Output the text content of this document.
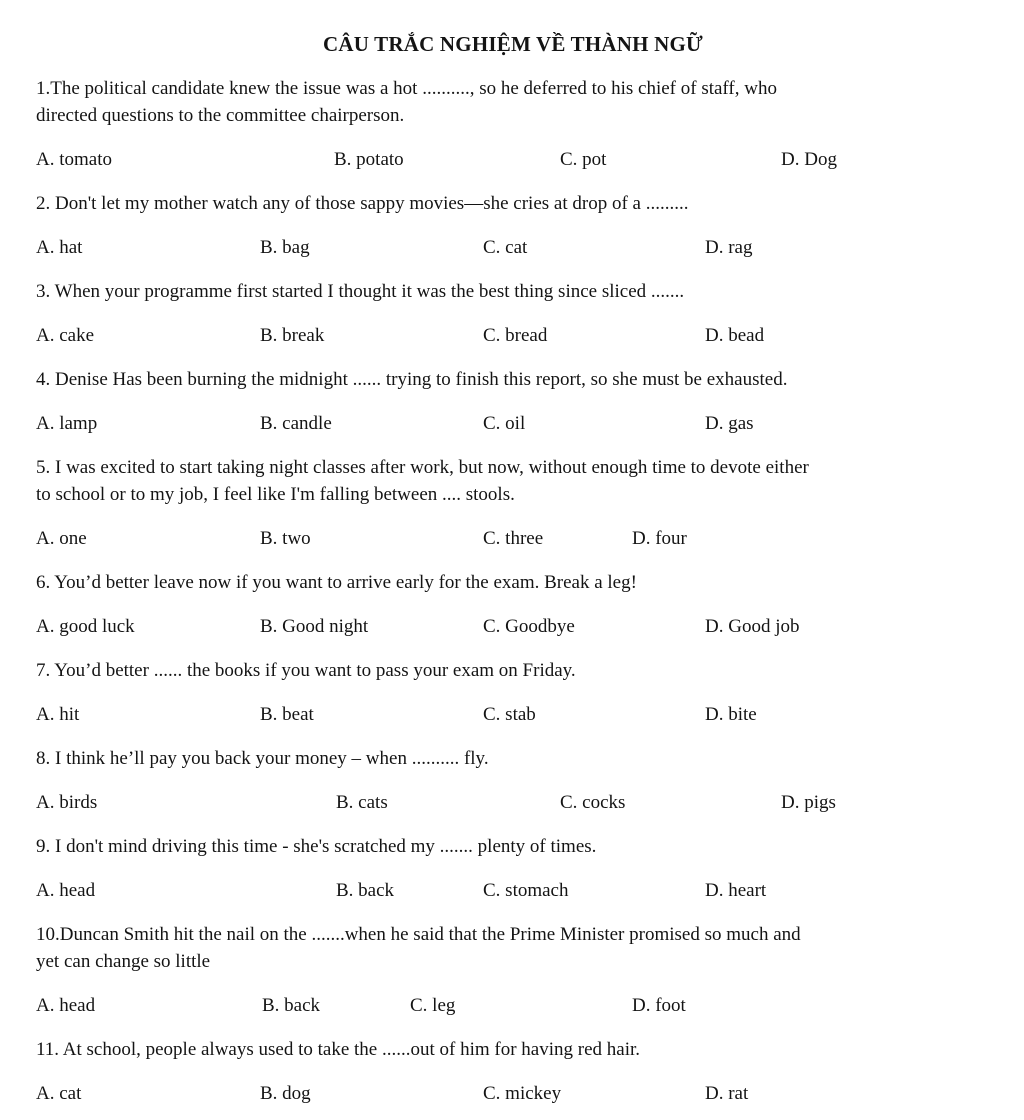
CÂU TRẮC NGHIỆM VỀ THÀNH NGỮ
1.The political candidate knew the issue was a hot .........., so he deferred to his chief of staff, who
directed questions to the committee chairperson.
A. tomato	B. potato	C. pot	D. Dog
2. Don't let my mother watch any of those sappy movies—she cries at drop of a .........
A. hat	B. bag	C. cat	D. rag
3. When your programme first started I thought it was the best thing since sliced .......
A. cake	B. break	C. bread	D. bead
4. Denise Has been burning the midnight ...... trying to finish this report, so she must be exhausted.
A. lamp	B. candle	C. oil	D. gas
5. I was excited to start taking night classes after work, but now, without enough time to devote either
to school or to my job, I feel like I'm falling between .... stools.
A. one	B. two	C. three	D. four
6. You’d better leave now if you want to arrive early for the exam. Break a leg!
A. good luck	B. Good night	C. Goodbye	D. Good job
7. You’d better ...... the books if you want to pass your exam on Friday.
A. hit	B. beat	C. stab	D. bite
8. I think he’ll pay you back your money – when .......... fly.
A. birds	B. cats	C. cocks	D. pigs
9. I don't mind driving this time - she's scratched my ....... plenty of times.
A. head	B. back	C. stomach	D. heart
10.Duncan Smith hit the nail on the .......when he said that the Prime Minister promised so much and
yet can change so little
A. head	B. back	C. leg	D. foot
11. At school, people always used to take the ......out of him for having red hair.
A. cat	B. dog	C. mickey	D. rat
